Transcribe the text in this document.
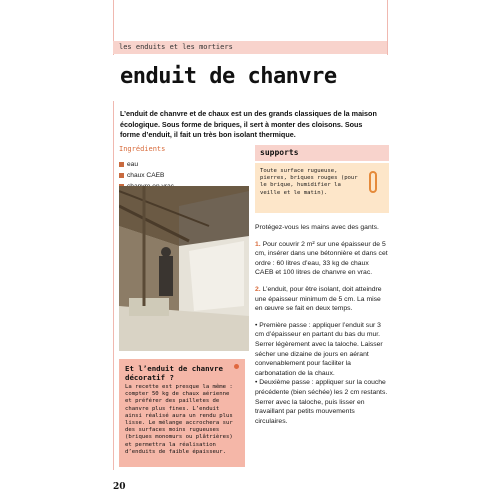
les enduits et les mortiers
enduit de chanvre
L’enduit de chanvre et de chaux est un des grands classiques de la maison écologique. Sous forme de briques, il sert à monter des cloisons. Sous forme d’enduit, il fait un très bon isolant thermique.
Ingrédients
eau
chaux CAEB
Et l’enduit de chanvre décoratif ?
La recette est presque la même : compter 50 kg de chaux aérienne et préférer des pailletes de chanvre plus fines. L’enduit ainsi réalisé aura un rendu plus lisse. Le mélange accrochera sur des surfaces moins rugueuses (briques monomurs ou plâtrières) et permettra la réalisation d’enduits de faible épaisseur.
supports
Toute surface rugueuse, pierres, briques rouges (pour le brique, humidifier la veille et le matin).

Protégez-vous les mains avec des gants.

1. Pour couvrir 2 m² sur une épaisseur de 5 cm, insérer dans une bétonnière et dans cet ordre : 60 litres d’eau, 33 kg de chaux CAEB et 100 litres de chanvre en vrac.

2. L’enduit, pour être isolant, doit atteindre une épaisseur minimum de 5 cm. La mise en œuvre se fait en deux temps.

• Première passe : appliquer l’enduit sur 3 cm d’épaisseur en partant du bas du mur. Serrer légèrement avec la taloche. Laisser sécher une dizaine de jours en aérant convenablement pour faciliter la carbonatation de la chaux.

• Deuxième passe : appliquer sur la couche précédente (bien séchée) les 2 cm restants. Serrer avec la taloche, puis lisser en travaillant par petits mouvements circulaires.

20
